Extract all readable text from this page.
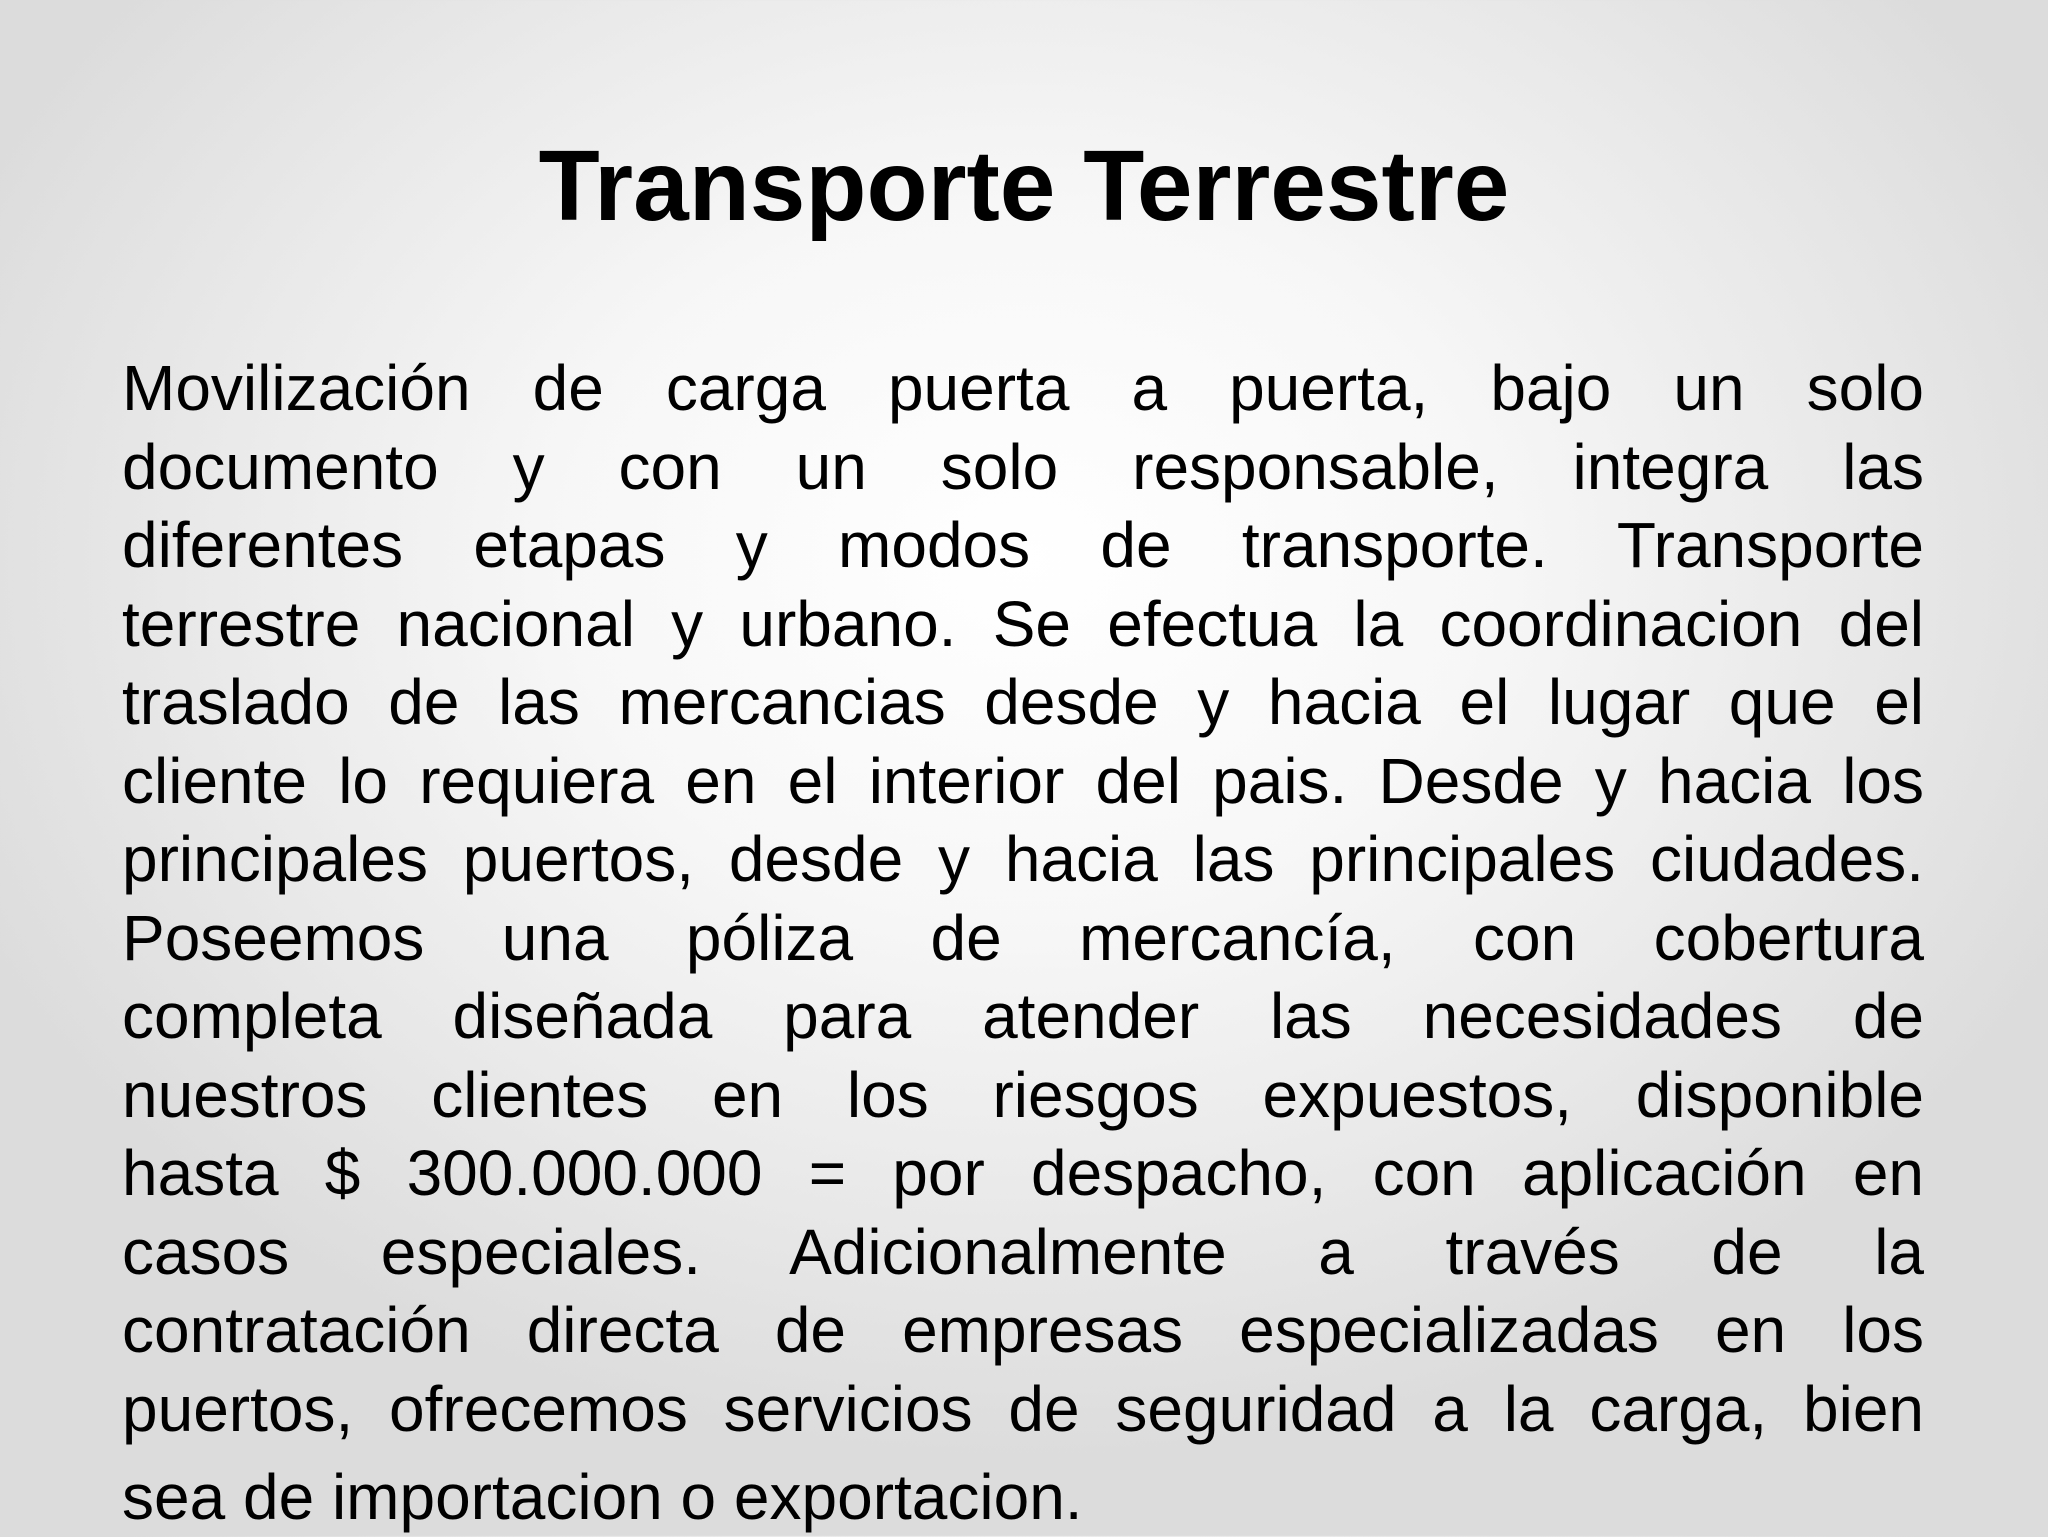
Transporte Terrestre
Movilización de carga puerta a puerta, bajo un solo
documento y con un solo responsable, integra las
diferentes etapas y modos de transporte. Transporte
terrestre nacional y urbano. Se efectua la coordinacion del
traslado de las mercancias desde y hacia el lugar que el
cliente lo requiera en el interior del pais. Desde y hacia los
principales puertos, desde y hacia las principales ciudades.
Poseemos una póliza de mercancía, con cobertura
completa diseñada para atender las necesidades de
nuestros clientes en los riesgos expuestos, disponible
hasta $ 300.000.000 = por despacho, con aplicación en
casos especiales. Adicionalmente a través de la
contratación directa de empresas especializadas en los
puertos, ofrecemos servicios de seguridad a la carga, bien
sea de importacion o exportacion.
